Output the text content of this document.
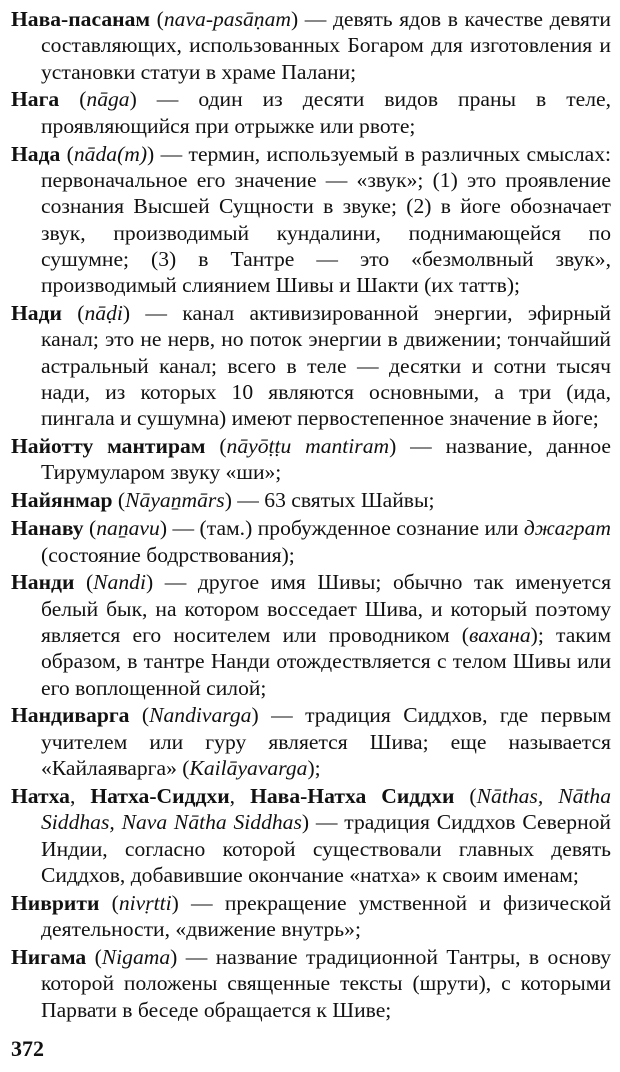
Нава-пасанам (nava-pasāṇam) — девять ядов в качестве девяти составляющих, использованных Богаром для изготовления и установки статуи в храме Палани;

Нага (nāga) — один из десяти видов праны в теле, проявляющийся при отрыжке или рвоте;

Нада (nāda(m)) — термин, используемый в различных смыслах: первоначальное его значение — «звук»; (1) это проявление сознания Высшей Сущности в звуке; (2) в йоге обозначает звук, производимый кундалини, поднимающейся по сушумне; (3) в Тантре — это «безмолвный звук», производимый слиянием Шивы и Шакти (их таттв);

Нади (nāḍi) — канал активизированной энергии, эфирный канал; это не нерв, но поток энергии в движении; тончайший астральный канал; всего в теле — десятки и сотни тысяч нади, из которых 10 являются основными, а три (ида, пингала и сушумна) имеют первостепенное значение в йоге;

Найотту мантирам (nāyōṭṭu mantiram) — название, данное Тирумуларом звуку «ши»;

Найянмар (Nāyaṉmārs) — 63 святых Шайвы;

Нанаву (naṉavu) — (там.) пробужденное сознание или джаграт (состояние бодрствования);

Нанди (Nandi) — другое имя Шивы; обычно так именуется белый бык, на котором восседает Шива, и который поэтому является его носителем или проводником (вахана); таким образом, в тантре Нанди отождествляется с телом Шивы или его воплощенной силой;

Нандиварга (Nandivarga) — традиция Сиддхов, где первым учителем или гуру является Шива; еще называется «Кайлаяварга» (Kailāyavarga);

Натха, Натха-Сиддхи, Нава-Натха Сиддхи (Nāthas, Nātha Siddhas, Nava Nātha Siddhas) — традиция Сиддхов Северной Индии, согласно которой существовали главных девять Сиддхов, добавившие окончание «натха» к своим именам;

Ниврити (nivṛtti) — прекращение умственной и физической деятельности, «движение внутрь»;

Нигама (Nigama) — название традиционной Тантры, в основу которой положены священные тексты (шрути), с которыми Парвати в беседе обращается к Шиве;

372
